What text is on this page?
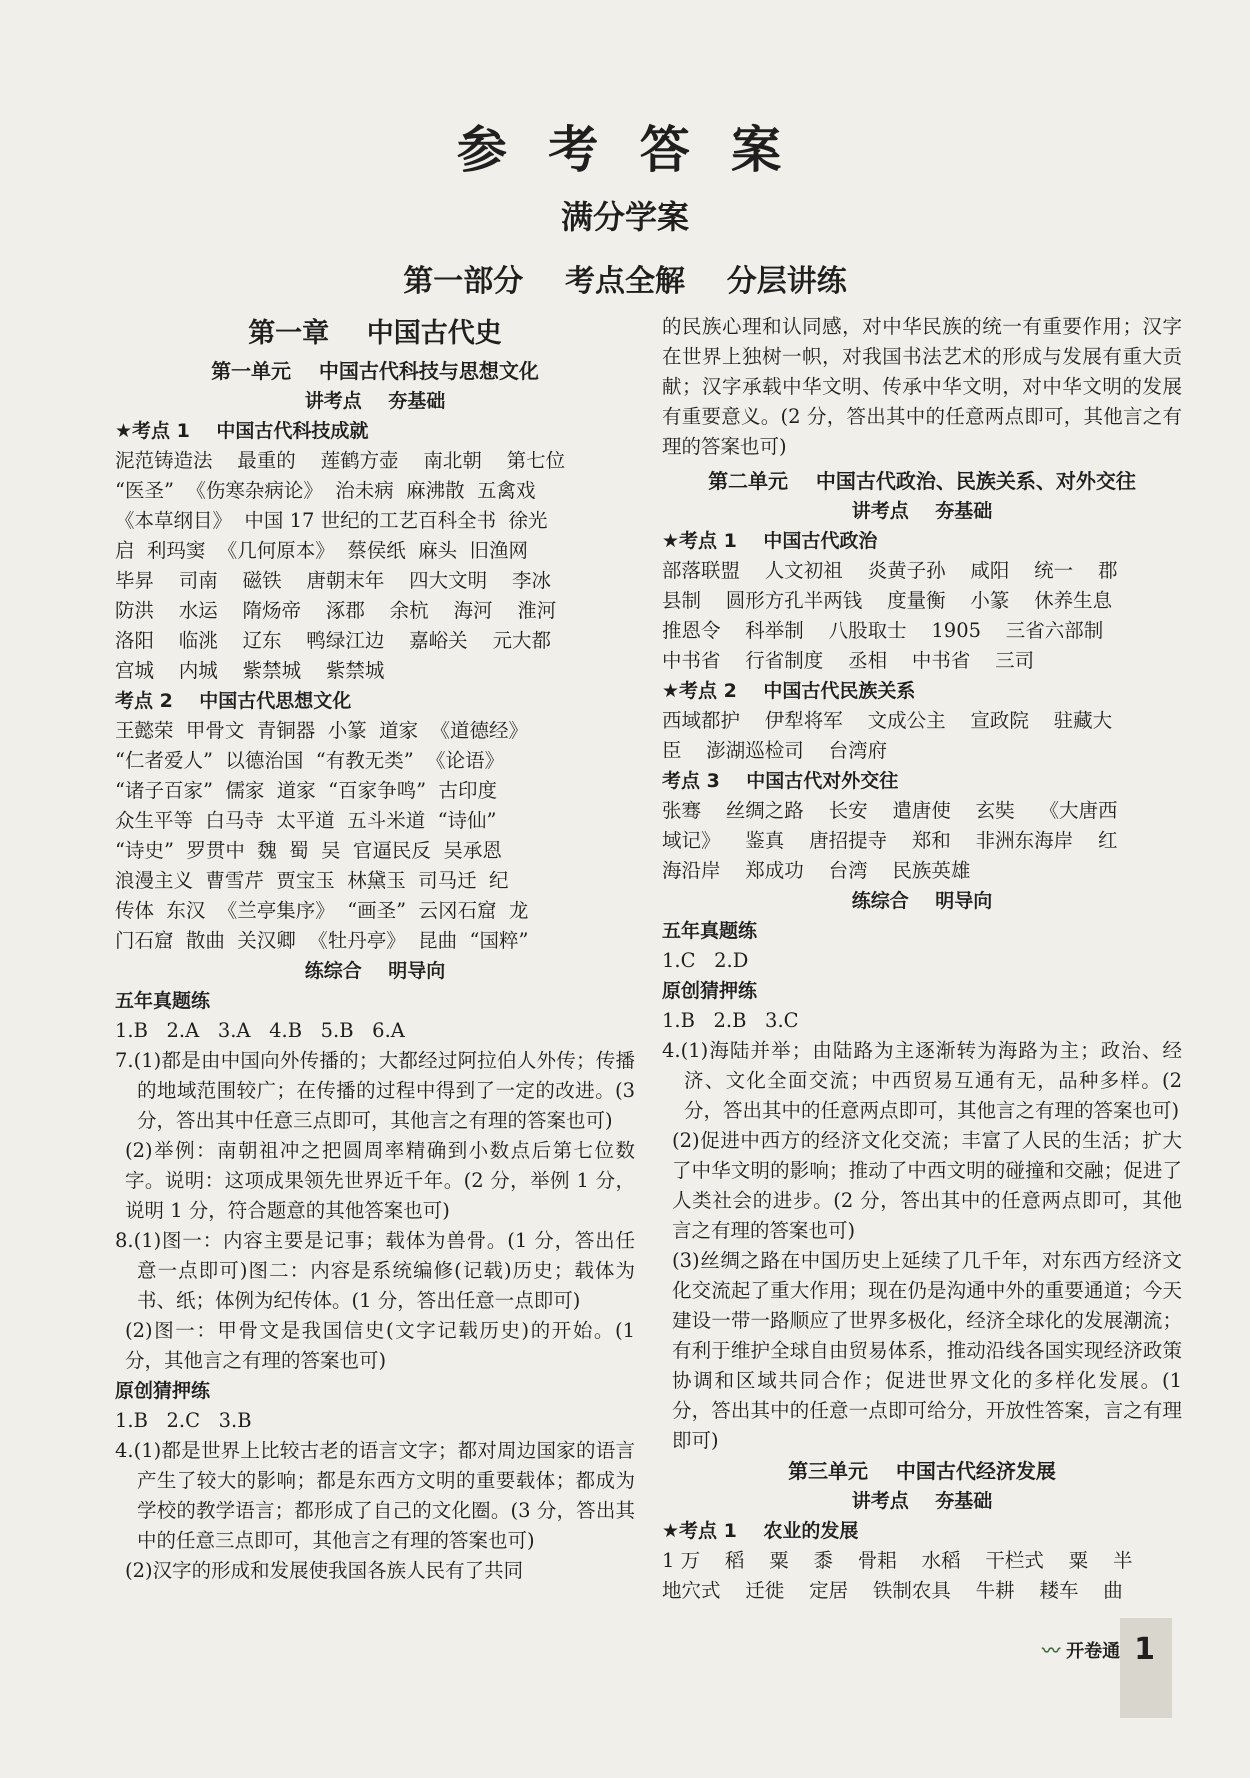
参 考 答 案
满分学案
第一部分    考点全解    分层讲练
第一章    中国古代史
第一单元    中国古代科技与思想文化
讲考点    夯基础
★考点 1    中国古代科技成就
泥范铸造法    最重的    莲鹤方壶    南北朝    第七位
“医圣”  《伤寒杂病论》  治未病  麻沸散  五禽戏
《本草纲目》  中国 17 世纪的工艺百科全书  徐光
启  利玛窦  《几何原本》  蔡侯纸  麻头  旧渔网
毕昇    司南    磁铁    唐朝末年    四大文明    李冰
防洪    水运    隋炀帝    涿郡    余杭    海河    淮河
洛阳    临洮    辽东    鸭绿江边    嘉峪关    元大都
宫城    内城    紫禁城    紫禁城
考点 2    中国古代思想文化
王懿荣  甲骨文  青铜器  小篆  道家  《道德经》
“仁者爱人”  以德治国  “有教无类”  《论语》
“诸子百家”  儒家  道家  “百家争鸣”  古印度
众生平等  白马寺  太平道  五斗米道  “诗仙”
“诗史”  罗贯中  魏  蜀  吴  官逼民反  吴承恩
浪漫主义  曹雪芹  贾宝玉  林黛玉  司马迁  纪
传体  东汉  《兰亭集序》  “画圣”  云冈石窟  龙
门石窟  散曲  关汉卿  《牡丹亭》  昆曲  “国粹”
练综合    明导向
五年真题练
1.B   2.A   3.A   4.B   5.B   6.A
7.(1)都是由中国向外传播的；大都经过阿拉伯人外传；传播的地域范围较广；在传播的过程中得到了一定的改进。(3 分，答出其中任意三点即可，其他言之有理的答案也可)
(2)举例：南朝祖冲之把圆周率精确到小数点后第七位数字。说明：这项成果领先世界近千年。(2 分，举例 1 分，说明 1 分，符合题意的其他答案也可)
8.(1)图一：内容主要是记事；载体为兽骨。(1 分，答出任意一点即可)图二：内容是系统编修(记载)历史；载体为书、纸；体例为纪传体。(1 分，答出任意一点即可)
(2)图一：甲骨文是我国信史(文字记载历史)的开始。(1 分，其他言之有理的答案也可)
原创猜押练
1.B   2.C   3.B
4.(1)都是世界上比较古老的语言文字；都对周边国家的语言产生了较大的影响；都是东西方文明的重要载体；都成为学校的教学语言；都形成了自己的文化圈。(3 分，答出其中的任意三点即可，其他言之有理的答案也可)
(2)汉字的形成和发展使我国各族人民有了共同
的民族心理和认同感，对中华民族的统一有重要作用；汉字在世界上独树一帜，对我国书法艺术的形成与发展有重大贡献；汉字承载中华文明、传承中华文明，对中华文明的发展有重要意义。(2 分，答出其中的任意两点即可，其他言之有理的答案也可)
第二单元    中国古代政治、民族关系、对外交往
讲考点    夯基础
★考点 1    中国古代政治
部落联盟    人文初祖    炎黄子孙    咸阳    统一    郡
县制    圆形方孔半两钱    度量衡    小篆    休养生息
推恩令    科举制    八股取士    1905    三省六部制
中书省    行省制度    丞相    中书省    三司
★考点 2    中国古代民族关系
西域都护    伊犁将军    文成公主    宣政院    驻藏大
臣    澎湖巡检司    台湾府
考点 3    中国古代对外交往
张骞    丝绸之路    长安    遣唐使    玄奘    《大唐西
域记》    鉴真    唐招提寺    郑和    非洲东海岸    红
海沿岸    郑成功    台湾    民族英雄
练综合    明导向
五年真题练
1.C   2.D
原创猜押练
1.B   2.B   3.C
4.(1)海陆并举；由陆路为主逐渐转为海路为主；政治、经济、文化全面交流；中西贸易互通有无，品种多样。(2 分，答出其中的任意两点即可，其他言之有理的答案也可)
(2)促进中西方的经济文化交流；丰富了人民的生活；扩大了中华文明的影响；推动了中西文明的碰撞和交融；促进了人类社会的进步。(2 分，答出其中的任意两点即可，其他言之有理的答案也可)
(3)丝绸之路在中国历史上延续了几千年，对东西方经济文化交流起了重大作用；现在仍是沟通中外的重要通道；今天建设一带一路顺应了世界多极化，经济全球化的发展潮流；有利于维护全球自由贸易体系，推动沿线各国实现经济政策协调和区域共同合作；促进世界文化的多样化发展。(1 分，答出其中的任意一点即可给分，开放性答案，言之有理即可)
第三单元    中国古代经济发展
讲考点    夯基础
★考点 1    农业的发展
1 万    稻    粟    黍    骨耜    水稻    干栏式    粟    半
地穴式    迁徙    定居    铁制农具    牛耕    耧车    曲
〰 开卷通 1
